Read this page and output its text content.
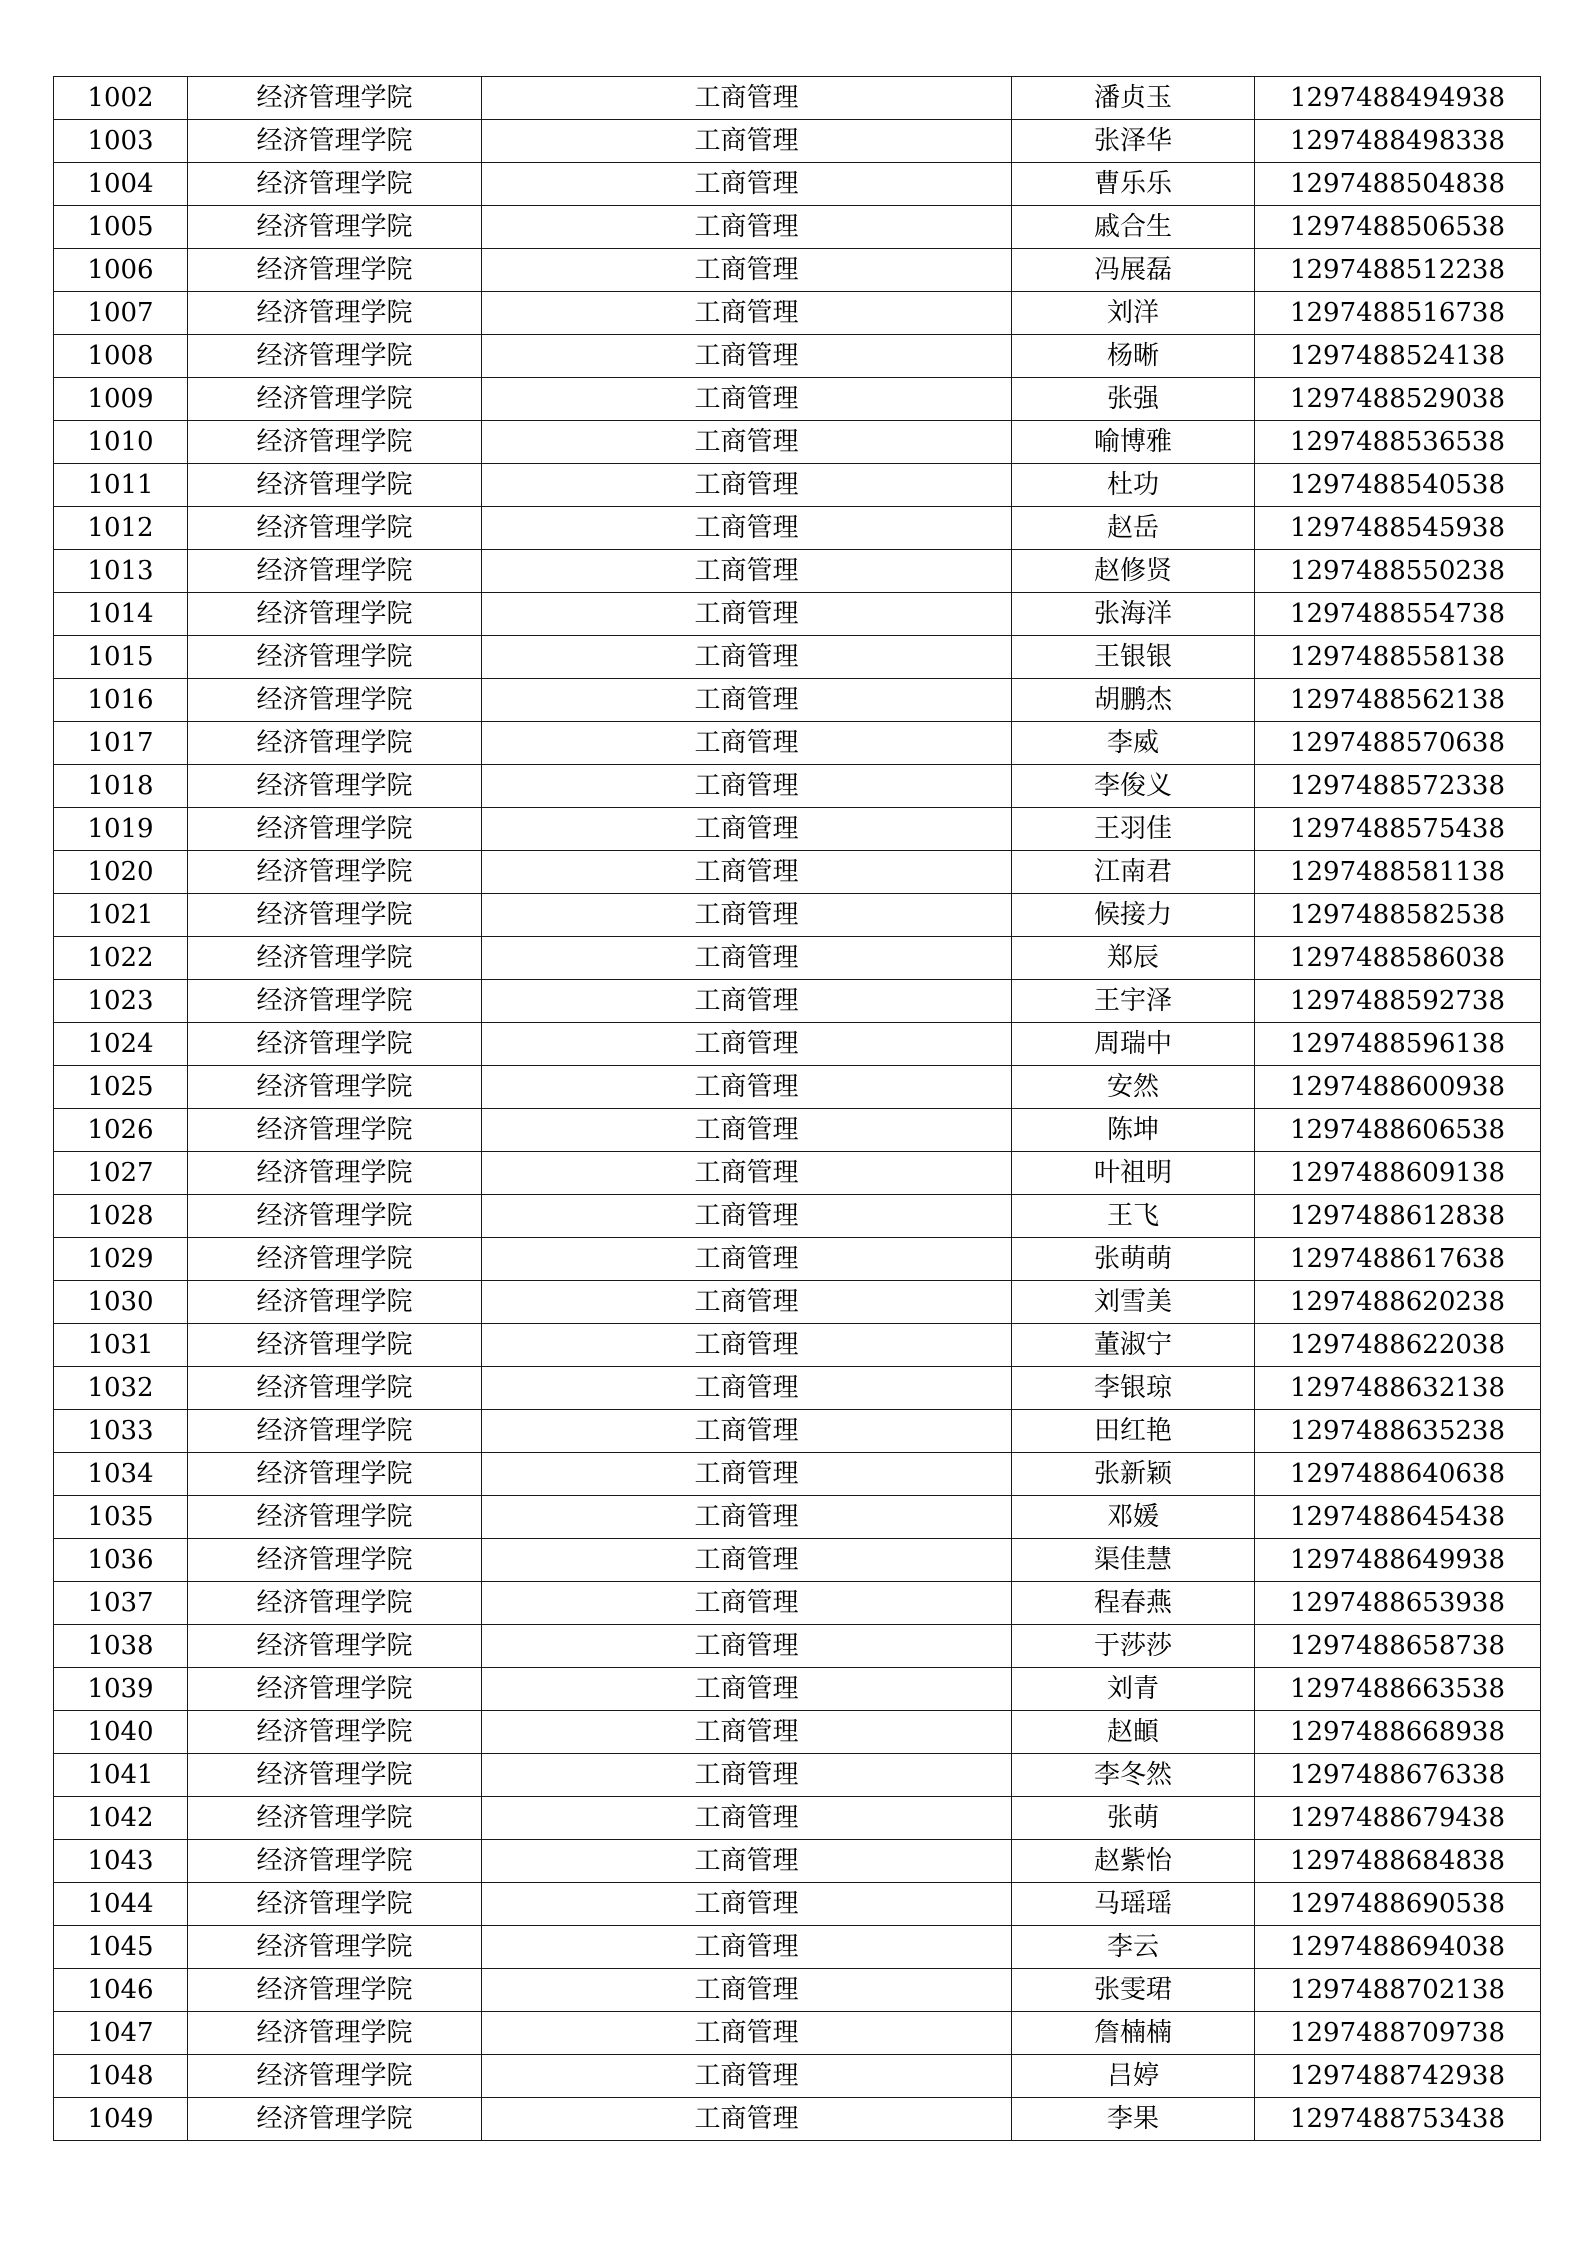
1002	经济管理学院	工商管理	潘贞玉	1297488494938
1003	经济管理学院	工商管理	张泽华	1297488498338
1004	经济管理学院	工商管理	曹乐乐	1297488504838
1005	经济管理学院	工商管理	戚合生	1297488506538
1006	经济管理学院	工商管理	冯展磊	1297488512238
1007	经济管理学院	工商管理	刘洋	1297488516738
1008	经济管理学院	工商管理	杨晰	1297488524138
1009	经济管理学院	工商管理	张强	1297488529038
1010	经济管理学院	工商管理	喻博雅	1297488536538
1011	经济管理学院	工商管理	杜功	1297488540538
1012	经济管理学院	工商管理	赵岳	1297488545938
1013	经济管理学院	工商管理	赵修贤	1297488550238
1014	经济管理学院	工商管理	张海洋	1297488554738
1015	经济管理学院	工商管理	王银银	1297488558138
1016	经济管理学院	工商管理	胡鹏杰	1297488562138
1017	经济管理学院	工商管理	李威	1297488570638
1018	经济管理学院	工商管理	李俊义	1297488572338
1019	经济管理学院	工商管理	王羽佳	1297488575438
1020	经济管理学院	工商管理	江南君	1297488581138
1021	经济管理学院	工商管理	候接力	1297488582538
1022	经济管理学院	工商管理	郑辰	1297488586038
1023	经济管理学院	工商管理	王宇泽	1297488592738
1024	经济管理学院	工商管理	周瑞中	1297488596138
1025	经济管理学院	工商管理	安然	1297488600938
1026	经济管理学院	工商管理	陈坤	1297488606538
1027	经济管理学院	工商管理	叶祖明	1297488609138
1028	经济管理学院	工商管理	王飞	1297488612838
1029	经济管理学院	工商管理	张萌萌	1297488617638
1030	经济管理学院	工商管理	刘雪美	1297488620238
1031	经济管理学院	工商管理	董淑宁	1297488622038
1032	经济管理学院	工商管理	李银琼	1297488632138
1033	经济管理学院	工商管理	田红艳	1297488635238
1034	经济管理学院	工商管理	张新颖	1297488640638
1035	经济管理学院	工商管理	邓媛	1297488645438
1036	经济管理学院	工商管理	渠佳慧	1297488649938
1037	经济管理学院	工商管理	程春燕	1297488653938
1038	经济管理学院	工商管理	于莎莎	1297488658738
1039	经济管理学院	工商管理	刘青	1297488663538
1040	经济管理学院	工商管理	赵頔	1297488668938
1041	经济管理学院	工商管理	李冬然	1297488676338
1042	经济管理学院	工商管理	张萌	1297488679438
1043	经济管理学院	工商管理	赵紫怡	1297488684838
1044	经济管理学院	工商管理	马瑶瑶	1297488690538
1045	经济管理学院	工商管理	李云	1297488694038
1046	经济管理学院	工商管理	张雯珺	1297488702138
1047	经济管理学院	工商管理	詹楠楠	1297488709738
1048	经济管理学院	工商管理	吕婷	1297488742938
1049	经济管理学院	工商管理	李果	1297488753438
